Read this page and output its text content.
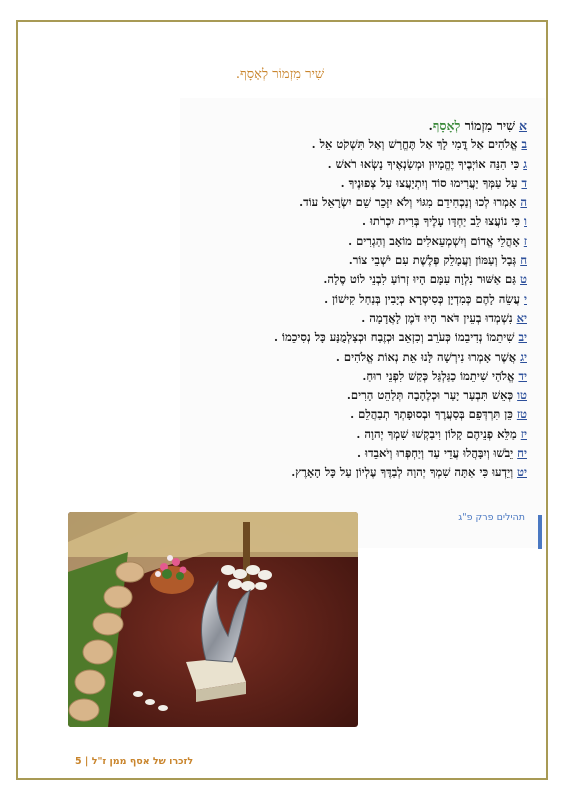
שִׁיר מִזְמוֹר לְאָסָף.
אשִׁיר מִזְמוֹר לְאָסָף.
באֱלֹהִים אַל דֳּמִי לָךְ אַל תֶּחֱרַשׁ וְאַל תִּשְׁקֹט אֵל .
גכִּי הִנֵּה אוֹיְבֶיךָ יֶהֱמָיוּן וּמְשַׂנְאֶיךָ נָשְׂאוּ רֹאשׁ .
דעַל עַמְּךָ יַעֲרִימוּ סוֹד וְיִתְיָעֲצוּ עַל צְפוּנֶיךָ .
האָמְרוּ לְכוּ וְנַכְחִידֵם מִגּוֹי וְלֹא יִזָּכֵר שֵׁם יִשְׂרָאֵל עוֹד.
וכִּי נוֹעֲצוּ לֵב יַחְדָּו עָלֶיךָ בְּרִית יִכְרֹתוּ .
זאָהֳלֵי אֱדוֹם וְיִשְׁמְעֵאלִים מוֹאָב וְהַגְרִים .
חגְּבָל וְעַמּוֹן וַעֲמָלֵק פְּלֶשֶׁת עִם יֹשְׁבֵי צוֹר.
טגַּם אַשּׁוּר נִלְוָה עִמָּם הָיוּ זְרוֹעַ לִבְנֵי לוֹט סֶלָה.
יעֲשֵׂה לָהֶם כְּמִדְיָן כְּסִיסְרָא כְיָבִין בְּנַחַל קִישׁוֹן .
יאנִשְׁמְדוּ בְעֵין דֹּאר הָיוּ דֹּמֶן לָאֲדָמָה .
יבשִׁיתֵמוֹ נְדִיבֵמוֹ כְּעֹרֵב וְכִזְאֵב וּכְזֶבַח וּכְצַלְמֻנָּע כָּל נְסִיכֵמוֹ .
יגאֲשֶׁר אָמְרוּ נִירְשָׁה לָּנוּ אֵת נְאוֹת אֱלֹהִים .
ידאֱלֹהַי שִׁיתֵמוֹ כַגַּלְגַּל כְּקַשׁ לִפְנֵי רוּחַ.
טוכְּאֵשׁ תִּבְעַר יָעַר וּכְלֶהָבָה תְּלַהֵט הָרִים.
טזכֵּן תִּרְדְּפֵם בְּסַעֲרֶךָ וּבְסוּפָתְךָ תְבַהֲלֵם .
יזמַלֵּא פְנֵיהֶם קָלוֹן וִיבַקְשׁוּ שִׁמְךָ יְהוָה .
יחיֵבֹשׁוּ וְיִבָּהֲלוּ עֲדֵי עַד וְיַחְפְּרוּ וְיֹאבֵדוּ .
יטוְיֵדְעוּ כִּי אַתָּה שִׁמְךָ יְהוָה לְבַדֶּךָ עֶלְיוֹן עַל כָּל הָאָרֶץ.
תהילים פרק פ"ג
לזכרו של אסף ממן ז"ל | 5
